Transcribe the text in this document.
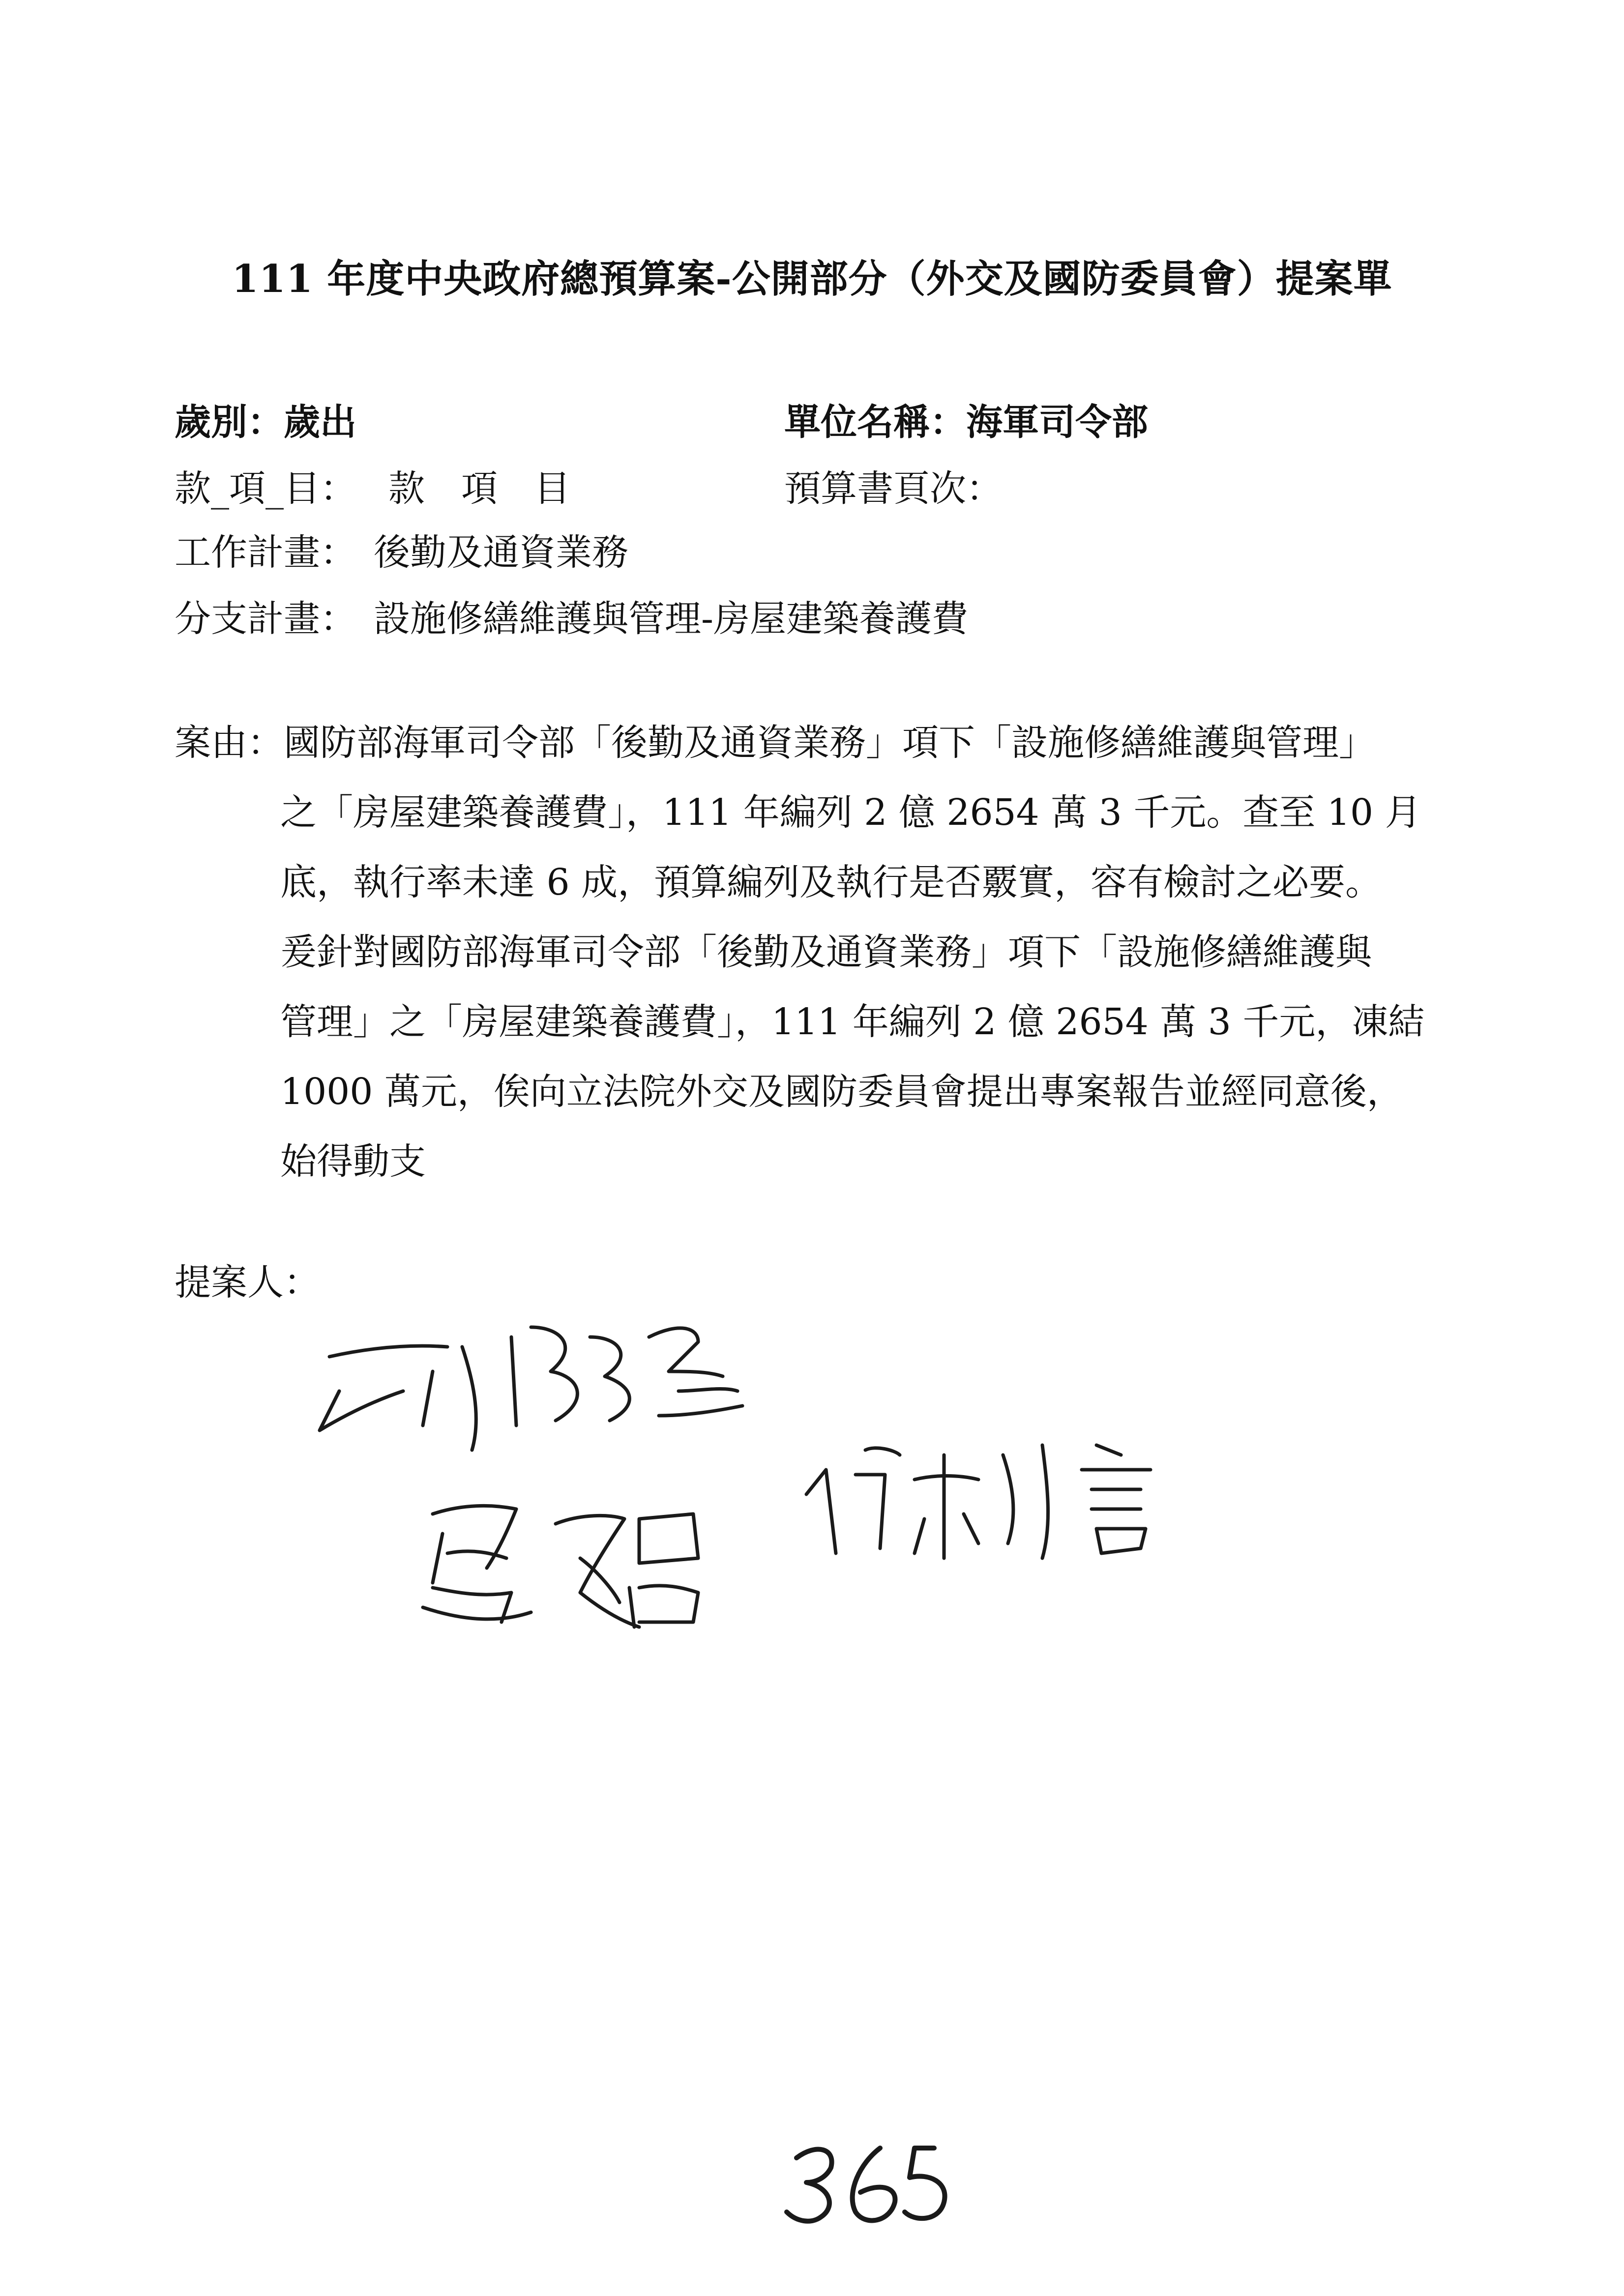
111 年度中央政府總預算案-公開部分（外交及國防委員會）提案單
歲別：歲出	單位名稱：海軍司令部
款_項_目： 款　項　目	預算書頁次：
工作計畫： 後勤及通資業務
分支計畫： 設施修繕維護與管理-房屋建築養護費
案由： 國防部海軍司令部「後勤及通資業務」項下「設施修繕維護與管理」
之「房屋建築養護費」，111 年編列 2 億 2654 萬 3 千元。查至 10 月
底，執行率未達 6 成，預算編列及執行是否覈實，容有檢討之必要。
爰針對國防部海軍司令部「後勤及通資業務」項下「設施修繕維護與
管理」之「房屋建築養護費」，111 年編列 2 億 2654 萬 3 千元，凍結
1000 萬元，俟向立法院外交及國防委員會提出專案報告並經同意後，
始得動支
提案人：
365
